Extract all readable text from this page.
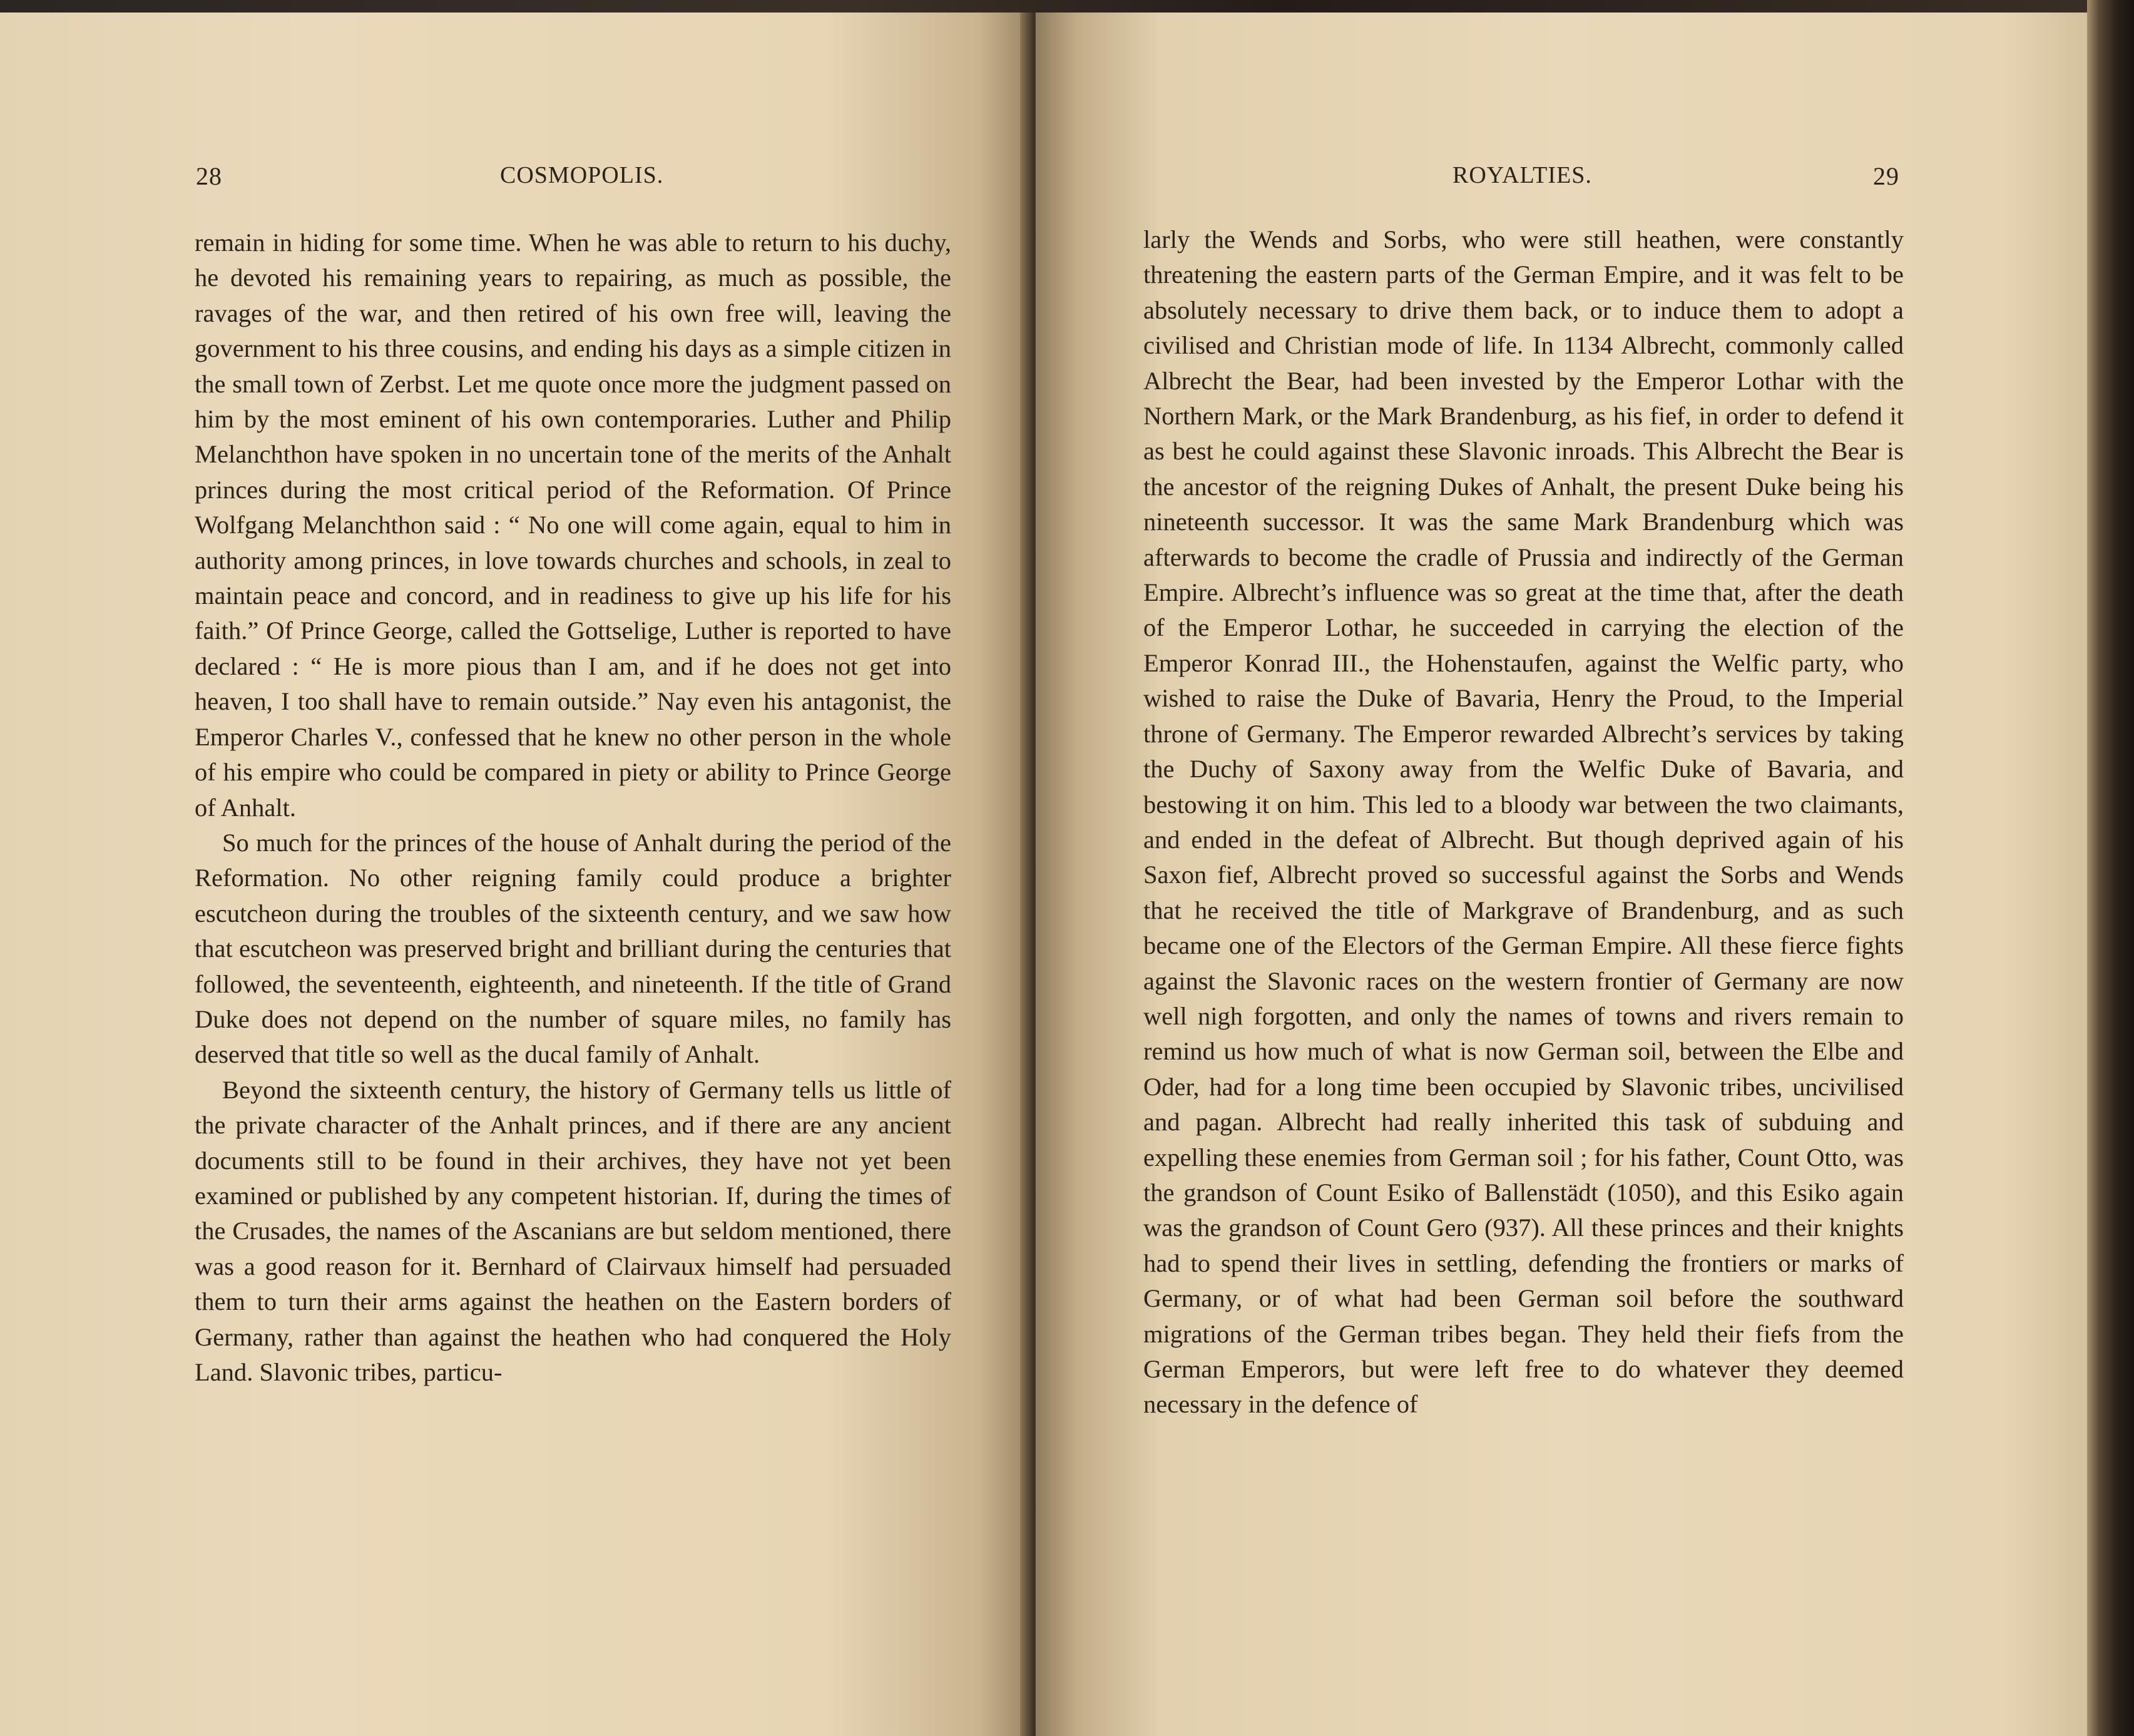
28	COSMOPOLIS.

remain in hiding for some time. When he was able to return to his duchy, he devoted his remaining years to repairing, as much as possible, the ravages of the war, and then retired of his own free will, leaving the government to his three cousins, and ending his days as a simple citizen in the small town of Zerbst. Let me quote once more the judgment passed on him by the most eminent of his own contemporaries. Luther and Philip Melanchthon have spoken in no uncertain tone of the merits of the Anhalt princes during the most critical period of the Reformation. Of Prince Wolfgang Melanchthon said : “ No one will come again, equal to him in authority among princes, in love towards churches and schools, in zeal to maintain peace and concord, and in readiness to give up his life for his faith.” Of Prince George, called the Gottselige, Luther is reported to have declared : “ He is more pious than I am, and if he does not get into heaven, I too shall have to remain outside.” Nay even his antagonist, the Emperor Charles V., confessed that he knew no other person in the whole of his empire who could be compared in piety or ability to Prince George of Anhalt.

So much for the princes of the house of Anhalt during the period of the Reformation. No other reigning family could produce a brighter escutcheon during the troubles of the sixteenth century, and we saw how that escutcheon was preserved bright and brilliant during the centuries that followed, the seventeenth, eighteenth, and nineteenth. If the title of Grand Duke does not depend on the number of square miles, no family has deserved that title so well as the ducal family of Anhalt.

Beyond the sixteenth century, the history of Germany tells us little of the private character of the Anhalt princes, and if there are any ancient documents still to be found in their archives, they have not yet been examined or published by any competent historian. If, during the times of the Crusades, the names of the Ascanians are but seldom mentioned, there was a good reason for it. Bernhard of Clairvaux himself had persuaded them to turn their arms against the heathen on the Eastern borders of Germany, rather than against the heathen who had conquered the Holy Land. Slavonic tribes, particu-

ROYALTIES.	29

larly the Wends and Sorbs, who were still heathen, were constantly threatening the eastern parts of the German Empire, and it was felt to be absolutely necessary to drive them back, or to induce them to adopt a civilised and Christian mode of life. In 1134 Albrecht, commonly called Albrecht the Bear, had been invested by the Emperor Lothar with the Northern Mark, or the Mark Brandenburg, as his fief, in order to defend it as best he could against these Slavonic inroads. This Albrecht the Bear is the ancestor of the reigning Dukes of Anhalt, the present Duke being his nineteenth successor. It was the same Mark Brandenburg which was afterwards to become the cradle of Prussia and indirectly of the German Empire. Albrecht’s influence was so great at the time that, after the death of the Emperor Lothar, he succeeded in carrying the election of the Emperor Konrad III., the Hohenstaufen, against the Welfic party, who wished to raise the Duke of Bavaria, Henry the Proud, to the Imperial throne of Germany. The Emperor rewarded Albrecht’s services by taking the Duchy of Saxony away from the Welfic Duke of Bavaria, and bestowing it on him. This led to a bloody war between the two claimants, and ended in the defeat of Albrecht. But though deprived again of his Saxon fief, Albrecht proved so successful against the Sorbs and Wends that he received the title of Markgrave of Brandenburg, and as such became one of the Electors of the German Empire. All these fierce fights against the Slavonic races on the western frontier of Germany are now well nigh forgotten, and only the names of towns and rivers remain to remind us how much of what is now German soil, between the Elbe and Oder, had for a long time been occupied by Slavonic tribes, uncivilised and pagan. Albrecht had really inherited this task of subduing and expelling these enemies from German soil ; for his father, Count Otto, was the grandson of Count Esiko of Ballenstädt (1050), and this Esiko again was the grandson of Count Gero (937). All these princes and their knights had to spend their lives in settling, defending the frontiers or marks of Germany, or of what had been German soil before the southward migrations of the German tribes began. They held their fiefs from the German Emperors, but were left free to do whatever they deemed necessary in the defence of
